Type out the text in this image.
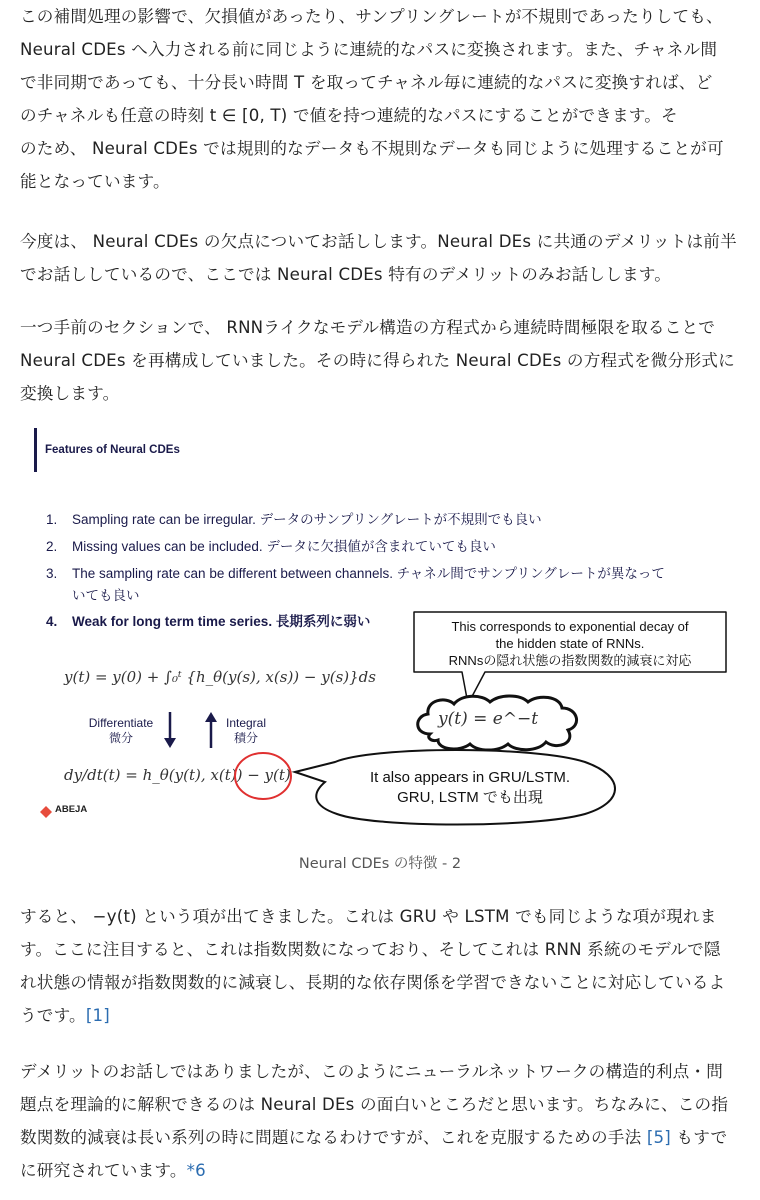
この補間処理の影響で、欠損値があったり、サンプリングレートが不規則であったりしても、
Neural CDEs へ入力される前に同じように連続的なパスに変換されます。また、チャネル間
で非同期であっても、十分長い時間 T を取ってチャネル毎に連続的なパスに変換すれば、ど
のチャネルも任意の時刻 t ∈ [0, T) で値を持つ連続的なパスにすることができます。そ
のため、 Neural CDEs では規則的なデータも不規則なデータも同じように処理することが可
能となっています。
今度は、 Neural CDEs の欠点についてお話しします。Neural DEs に共通のデメリットは前半
でお話ししているので、ここでは Neural CDEs 特有のデメリットのみお話しします。
一つ手前のセクションで、 RNNライクなモデル構造の方程式から連続時間極限を取ることで
Neural CDEs を再構成していました。その時に得られた Neural CDEs の方程式を微分形式に
変換します。
Features of Neural CDEs
1. Sampling rate can be irregular. データのサンプリングレートが不規則でも良い
2. Missing values can be included. データに欠損値が含まれていても良い
3. The sampling rate can be different between channels. チャネル間でサンプリングレートが異なって
いても良い
4. Weak for long term time series. 長期系列に弱い
y(t) = y(0) + ∫₀ᵗ {h_θ(y(s), x(s)) − y(s)}ds
Differentiate
微分
Integral
積分
dy/dt(t) = h_θ(y(t), x(t)) − y(t)
This corresponds to exponential decay of
the hidden state of RNNs.
RNNsの隠れ状態の指数関数的減衰に対応
y(t) = e^−t
It also appears in GRU/LSTM.
GRU, LSTM でも出現
ABEJA
Neural CDEs の特徴 - 2
すると、 −y(t) という項が出てきました。これは GRU や LSTM でも同じような項が現れま
す。ここに注目すると、これは指数関数になっており、そしてこれは RNN 系統のモデルで隠
れ状態の情報が指数関数的に減衰し、長期的な依存関係を学習できないことに対応しているよ
うです。[1]
デメリットのお話しではありましたが、このようにニューラルネットワークの構造的利点・問
題点を理論的に解釈できるのは Neural DEs の面白いところだと思います。ちなみに、この指
数関数的減衰は長い系列の時に問題になるわけですが、これを克服するための手法 [5] もすで
に研究されています。*6
